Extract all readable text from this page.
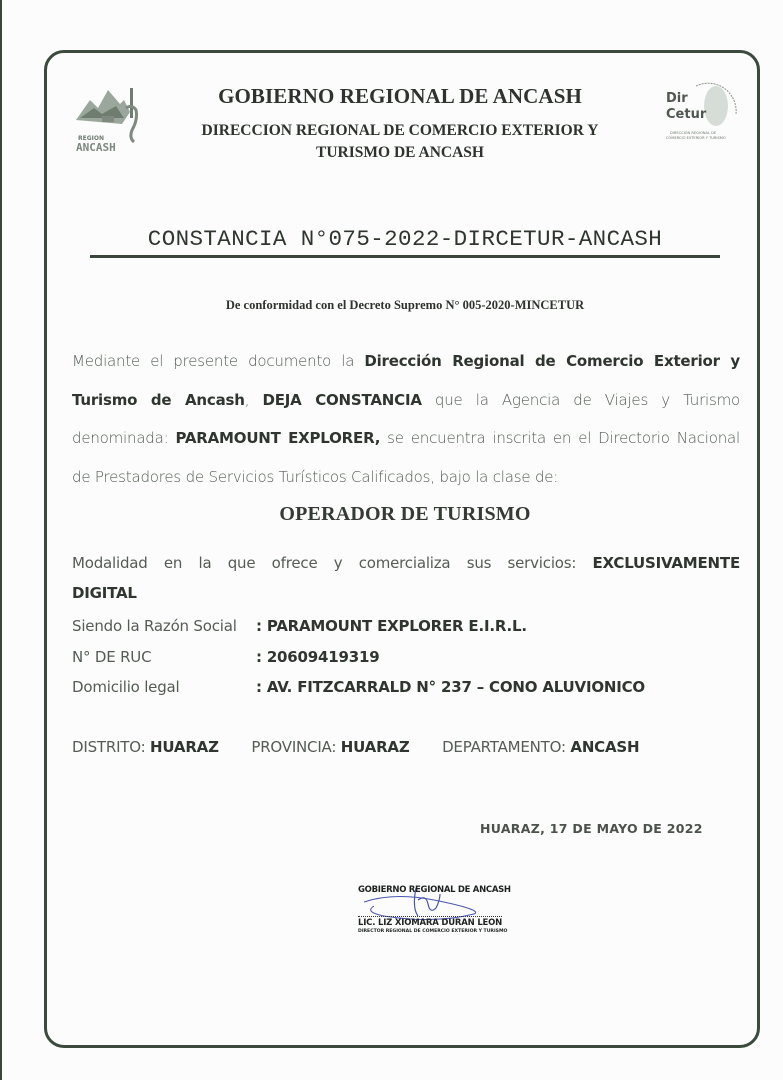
REGION
ANCASH
GOBIERNO REGIONAL DE ANCASH
DIRECCION REGIONAL DE COMERCIO EXTERIOR Y
TURISMO DE ANCASH
Dir
Cetur
DIRECCIÓN REGIONAL DE
COMERCIO EXTERIOR Y TURISMO
CONSTANCIA N°075-2022-DIRCETUR-ANCASH
De conformidad con el Decreto Supremo N° 005-2020-MINCETUR
Mediante el presente documento la Dirección Regional de Comercio Exterior y Turismo de Ancash, DEJA CONSTANCIA que la Agencia de Viajes y Turismo denominada: PARAMOUNT EXPLORER, se encuentra inscrita en el Directorio Nacional de Prestadores de Servicios Turísticos Calificados, bajo la clase de:
OPERADOR DE TURISMO
Modalidad en la que ofrece y comercializa sus servicios: EXCLUSIVAMENTE DIGITAL
Siendo la Razón Social : PARAMOUNT EXPLORER E.I.R.L.
N° DE RUC	: 20609419319
Domicilio legal	: AV. FITZCARRALD N° 237 – CONO ALUVIONICO
DISTRITO: HUARAZ PROVINCIA: HUARAZ DEPARTAMENTO: ANCASH
HUARAZ, 17 DE MAYO DE 2022
GOBIERNO REGIONAL DE ANCASH
LIC. LIZ XIOMARA DURAN LEON
DIRECTOR REGIONAL DE COMERCIO EXTERIOR Y TURISMO
